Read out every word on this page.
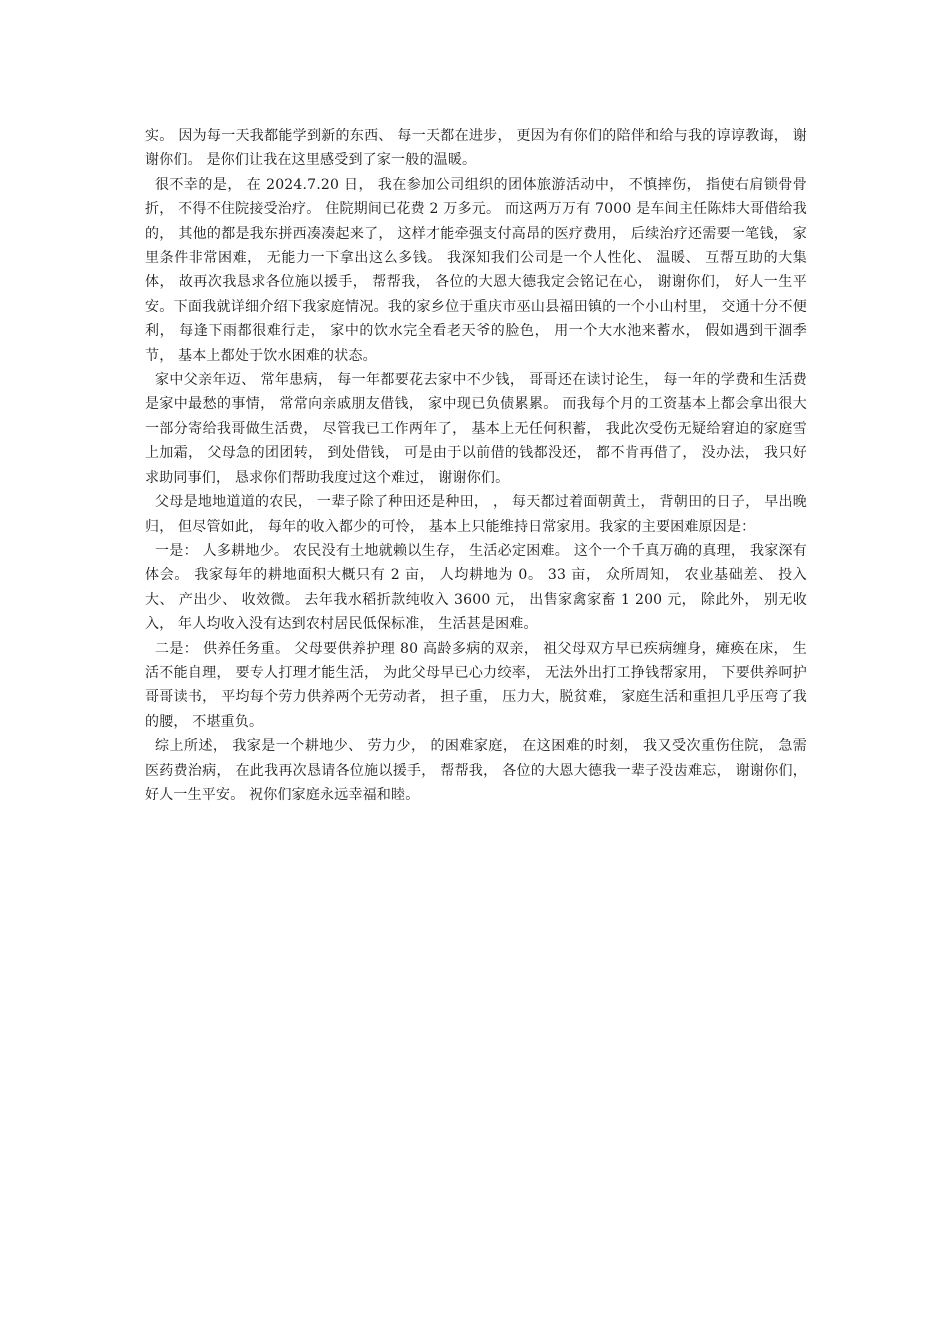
实。 因为每一天我都能学到新的东西、 每一天都在进步， 更因为有你们的陪伴和给与我的谆谆教诲， 谢谢你们。 是你们让我在这里感受到了家一般的温暖。

很不幸的是， 在 2024.7.20 日， 我在参加公司组织的团体旅游活动中， 不慎摔伤， 指使右肩锁骨骨折， 不得不住院接受治疗。 住院期间已花费 2 万多元。 而这两万万有 7000 是车间主任陈炜大哥借给我的， 其他的都是我东拼西凑凑起来了， 这样才能牵强支付高昂的医疗费用， 后续治疗还需要一笔钱， 家里条件非常困难， 无能力一下拿出这么多钱。 我深知我们公司是一个人性化、 温暖、 互帮互助的大集体， 故再次我恳求各位施以援手， 帮帮我， 各位的大恩大德我定会铭记在心， 谢谢你们， 好人一生平安。下面我就详细介绍下我家庭情况。我的家乡位于重庆市巫山县福田镇的一个小山村里， 交通十分不便利， 每逢下雨都很难行走， 家中的饮水完全看老天爷的脸色， 用一个大水池来蓄水， 假如遇到干涸季节， 基本上都处于饮水困难的状态。

家中父亲年迈、 常年患病， 每一年都要花去家中不少钱， 哥哥还在读讨论生， 每一年的学费和生活费是家中最愁的事情， 常常向亲戚朋友借钱， 家中现已负债累累。 而我每个月的工资基本上都会拿出很大一部分寄给我哥做生活费， 尽管我已工作两年了， 基本上无任何积蓄， 我此次受伤无疑给窘迫的家庭雪上加霜， 父母急的团团转， 到处借钱， 可是由于以前借的钱都没还， 都不肯再借了， 没办法， 我只好求助同事们， 恳求你们帮助我度过这个难过， 谢谢你们。

父母是地地道道的农民， 一辈子除了种田还是种田， ， 每天都过着面朝黄土， 背朝田的日子， 早出晚归， 但尽管如此， 每年的收入都少的可怜， 基本上只能维持日常家用。我家的主要困难原因是：

一是： 人多耕地少。 农民没有土地就赖以生存， 生活必定困难。 这个一个千真万确的真理， 我家深有体会。 我家每年的耕地面积大概只有 2 亩， 人均耕地为 0。 33 亩， 众所周知， 农业基础差、 投入大、 产出少、 收效微。 去年我水稻折款纯收入 3600 元， 出售家禽家畜 1 200 元， 除此外， 别无收入， 年人均收入没有达到农村居民低保标准， 生活甚是困难。

二是： 供养任务重。 父母要供养护理 80 高龄多病的双亲， 祖父母双方早已疾病缠身，瘫痪在床， 生活不能自理， 要专人打理才能生活， 为此父母早已心力绞率， 无法外出打工挣钱帮家用， 下要供养呵护哥哥读书， 平均每个劳力供养两个无劳动者， 担子重， 压力大，脱贫难， 家庭生活和重担几乎压弯了我的腰， 不堪重负。

综上所述， 我家是一个耕地少、 劳力少， 的困难家庭， 在这困难的时刻， 我又受次重伤住院， 急需医药费治病， 在此我再次恳请各位施以援手， 帮帮我， 各位的大恩大德我一辈子没齿难忘， 谢谢你们， 好人一生平安。 祝你们家庭永远幸福和睦。
